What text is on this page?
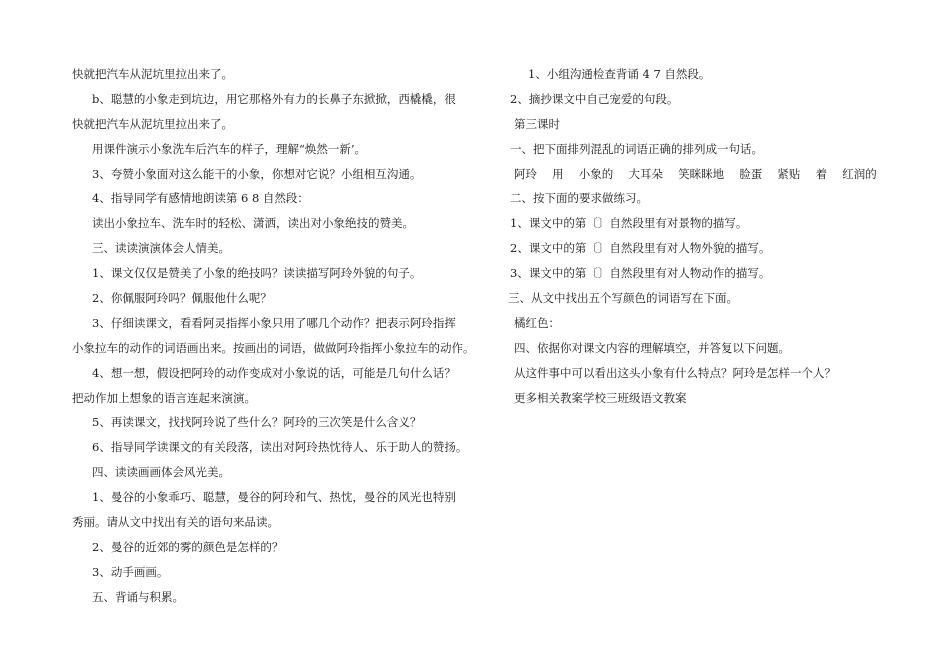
快就把汽车从泥坑里拉出来了。
b、聪慧的小象走到坑边，用它那格外有力的长鼻子东掀掀，西橇橇，很
快就把汽车从泥坑里拉出来了。
用课件演示小象洗车后汽车的样子，理解“焕然一新’。
3、夸赞小象面对这么能干的小象，你想对它说？小组相互沟通。
4、指导同学有感情地朗读第 6 8 自然段：
读出小象拉车、洗车时的轻松、潇洒，读出对小象绝技的赞美。
三、读读演演体会人情美。
1、课文仅仅是赞美了小象的绝技吗？读读描写阿玲外貌的句子。
2、你佩服阿玲吗？佩服他什么呢？
3、仔细读课文，看看阿灵指挥小象只用了哪几个动作？把表示阿玲指挥
小象拉车的动作的词语画出来。按画出的词语，做做阿玲指挥小象拉车的动作。
4、想一想，假设把阿玲的动作变成对小象说的话，可能是几句什么话？
把动作加上想象的语言连起来演演。
5、再读课文，找找阿玲说了些什么？阿玲的三次笑是什么含义？
6、指导同学读课文的有关段落，读出对阿玲热忱待人、乐于助人的赞扬。
四、读读画画体会风光美。
1、曼谷的小象乖巧、聪慧，曼谷的阿玲和气、热忱，曼谷的风光也特别
秀丽。请从文中找出有关的语句来品读。
2、曼谷的近郊的雾的颜色是怎样的？
3、动手画画。
五、背诵与积累。
1、小组沟通检查背诵 4 7 自然段。
2、摘抄课文中自己宠爱的句段。
第三课时
一、把下面排列混乱的词语正确的排列成一句话。
阿玲　 用　 小象的　 大耳朵　 笑眯眯地　 脸蛋　 紧贴　 着　 红润的
二、按下面的要求做练习。
1、课文中的第〔〕自然段里有对景物的描写。
2、课文中的第〔〕自然段里有对人物外貌的描写。
3、课文中的第〔〕自然段里有对人物动作的描写。
三、从文中找出五个写颜色的词语写在下面。
橘红色：
四、依据你对课文内容的理解填空，并答复以下问题。
从这件事中可以看出这头小象有什么特点？阿玲是怎样一个人？
更多相关教案学校三班级语文教案
